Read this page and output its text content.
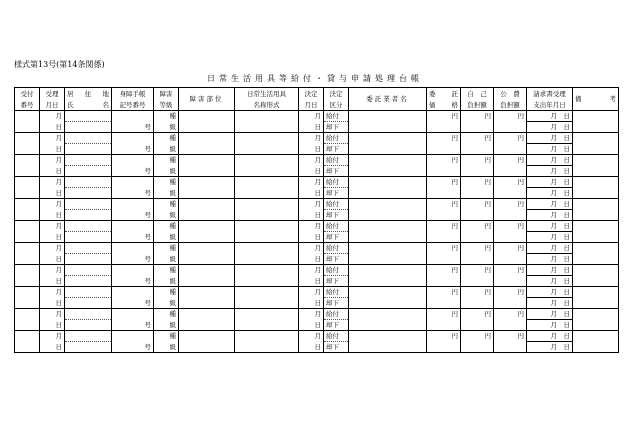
様式第13号(第14条関係)
日常生活用具等給付・貸与申請処理台帳
受付	受理	居　住　地	身障手帳	障害	障害部位	日常生活用具	決定	決定	委託業者名	委　託	自　己	公　費	請求書受理	備　　　考
番号	月日	氏　　　名	記号番号	等級		名称形式	月日	区分		価　格	負担額	負担額	支出年月日	
	月			種			月	給付		円	円	円	月　日	
	日		号	級			日	却下					月　日	
	月			種			月	給付		円	円	円	月　日	
	日		号	級			日	却下					月　日	
	月			種			月	給付		円	円	円	月　日	
	日		号	級			日	却下					月　日	
	月			種			月	給付		円	円	円	月　日	
	日		号	級			日	却下					月　日	
	月			種			月	給付		円	円	円	月　日	
	日		号	級			日	却下					月　日	
	月			種			月	給付		円	円	円	月　日	
	日		号	級			日	却下					月　日	
	月			種			月	給付		円	円	円	月　日	
	日		号	級			日	却下					月　日	
	月			種			月	給付		円	円	円	月　日	
	日		号	級			日	却下					月　日	
	月			種			月	給付		円	円	円	月　日	
	日		号	級			日	却下					月　日	
	月			種			月	給付		円	円	円	月　日	
	日		号	級			日	却下					月　日	
	月			種			月	給付		円	円	円	月　日	
	日		号	級			日	却下					月　日	
